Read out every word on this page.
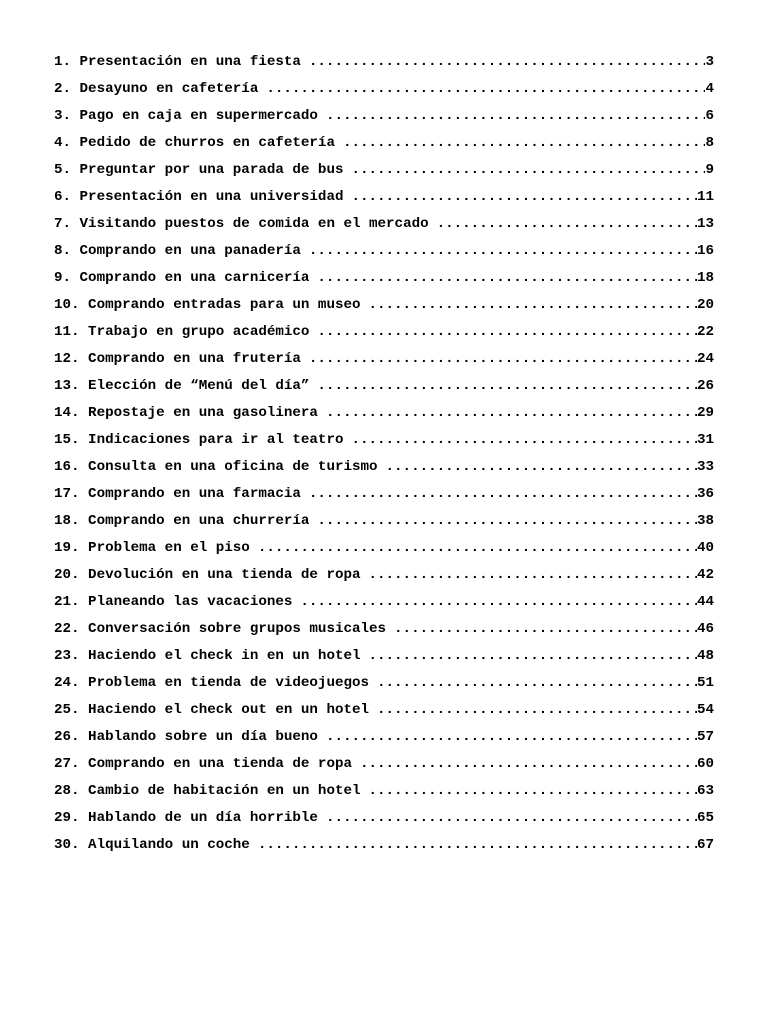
1. Presentación en una fiesta .....	3
2. Desayuno en cafetería .....	4
3. Pago en caja en supermercado .....	6
4. Pedido de churros en cafetería .....	8
5. Preguntar por una parada de bus .....	9
6. Presentación en una universidad .....	11
7. Visitando puestos de comida en el mercado .....	13
8. Comprando en una panadería .....	16
9. Comprando en una carnicería .....	18
10. Comprando entradas para un museo .....	20
11. Trabajo en grupo académico .....	22
12. Comprando en una frutería .....	24
13. Elección de “Menú del día” .....	26
14. Repostaje en una gasolinera .....	29
15. Indicaciones para ir al teatro .....	31
16. Consulta en una oficina de turismo .....	33
17. Comprando en una farmacia .....	36
18. Comprando en una churrería .....	38
19. Problema en el piso .....	40
20. Devolución en una tienda de ropa .....	42
21. Planeando las vacaciones .....	44
22. Conversación sobre grupos musicales .....	46
23. Haciendo el check in en un hotel .....	48
24. Problema en tienda de videojuegos .....	51
25. Haciendo el check out en un hotel .....	54
26. Hablando sobre un día bueno .....	57
27. Comprando en una tienda de ropa .....	60
28. Cambio de habitación en un hotel .....	63
29. Hablando de un día horrible .....	65
30. Alquilando un coche .....	67
